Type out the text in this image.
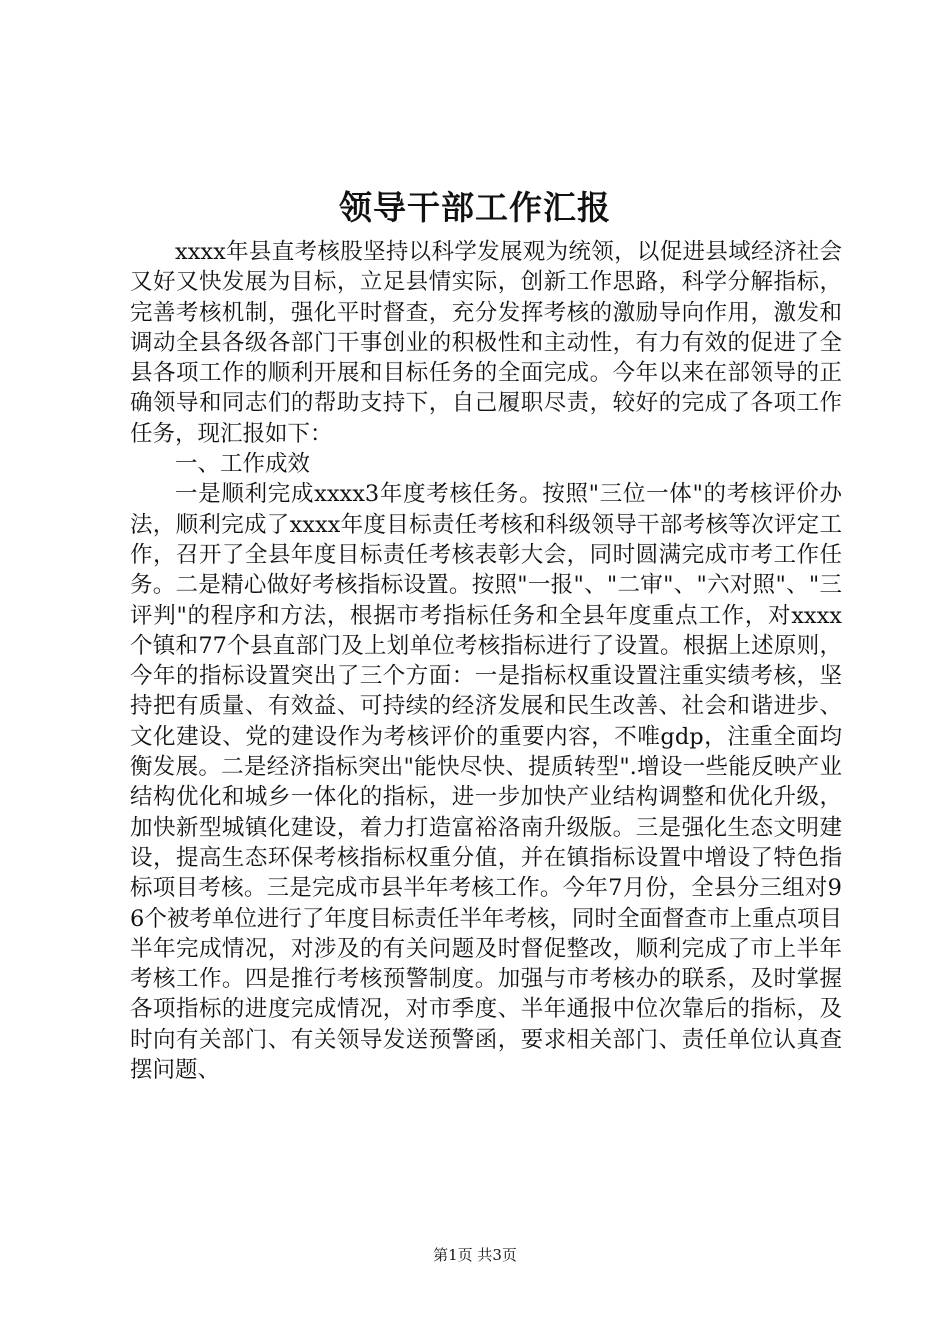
领导干部工作汇报

xxxx年县直考核股坚持以科学发展观为统领，以促进县域经济社会又好又快发展为目标，立足县情实际，创新工作思路，科学分解指标，完善考核机制，强化平时督查，充分发挥考核的激励导向作用，激发和调动全县各级各部门干事创业的积极性和主动性，有力有效的促进了全县各项工作的顺利开展和目标任务的全面完成。今年以来在部领导的正确领导和同志们的帮助支持下，自己履职尽责，较好的完成了各项工作任务，现汇报如下：

一、工作成效

一是顺利完成xxxx3年度考核任务。按照"三位一体"的考核评价办法，顺利完成了xxxx年度目标责任考核和科级领导干部考核等次评定工作，召开了全县年度目标责任考核表彰大会，同时圆满完成市考工作任务。二是精心做好考核指标设置。按照"一报"、"二审"、"六对照"、"三评判"的程序和方法，根据市考指标任务和全县年度重点工作，对xxxx个镇和77个县直部门及上划单位考核指标进行了设置。根据上述原则，今年的指标设置突出了三个方面：一是指标权重设置注重实绩考核，坚持把有质量、有效益、可持续的经济发展和民生改善、社会和谐进步、文化建设、党的建设作为考核评价的重要内容，不唯gdp，注重全面均衡发展。二是经济指标突出"能快尽快、提质转型".增设一些能反映产业结构优化和城乡一体化的指标，进一步加快产业结构调整和优化升级，加快新型城镇化建设，着力打造富裕洛南升级版。三是强化生态文明建设，提高生态环保考核指标权重分值，并在镇指标设置中增设了特色指标项目考核。三是完成市县半年考核工作。今年7月份，全县分三组对96个被考单位进行了年度目标责任半年考核，同时全面督查市上重点项目半年完成情况，对涉及的有关问题及时督促整改，顺利完成了市上半年考核工作。四是推行考核预警制度。加强与市考核办的联系，及时掌握各项指标的进度完成情况，对市季度、半年通报中位次靠后的指标，及时向有关部门、有关领导发送预警函，要求相关部门、责任单位认真查摆问题、

第1页 共3页
